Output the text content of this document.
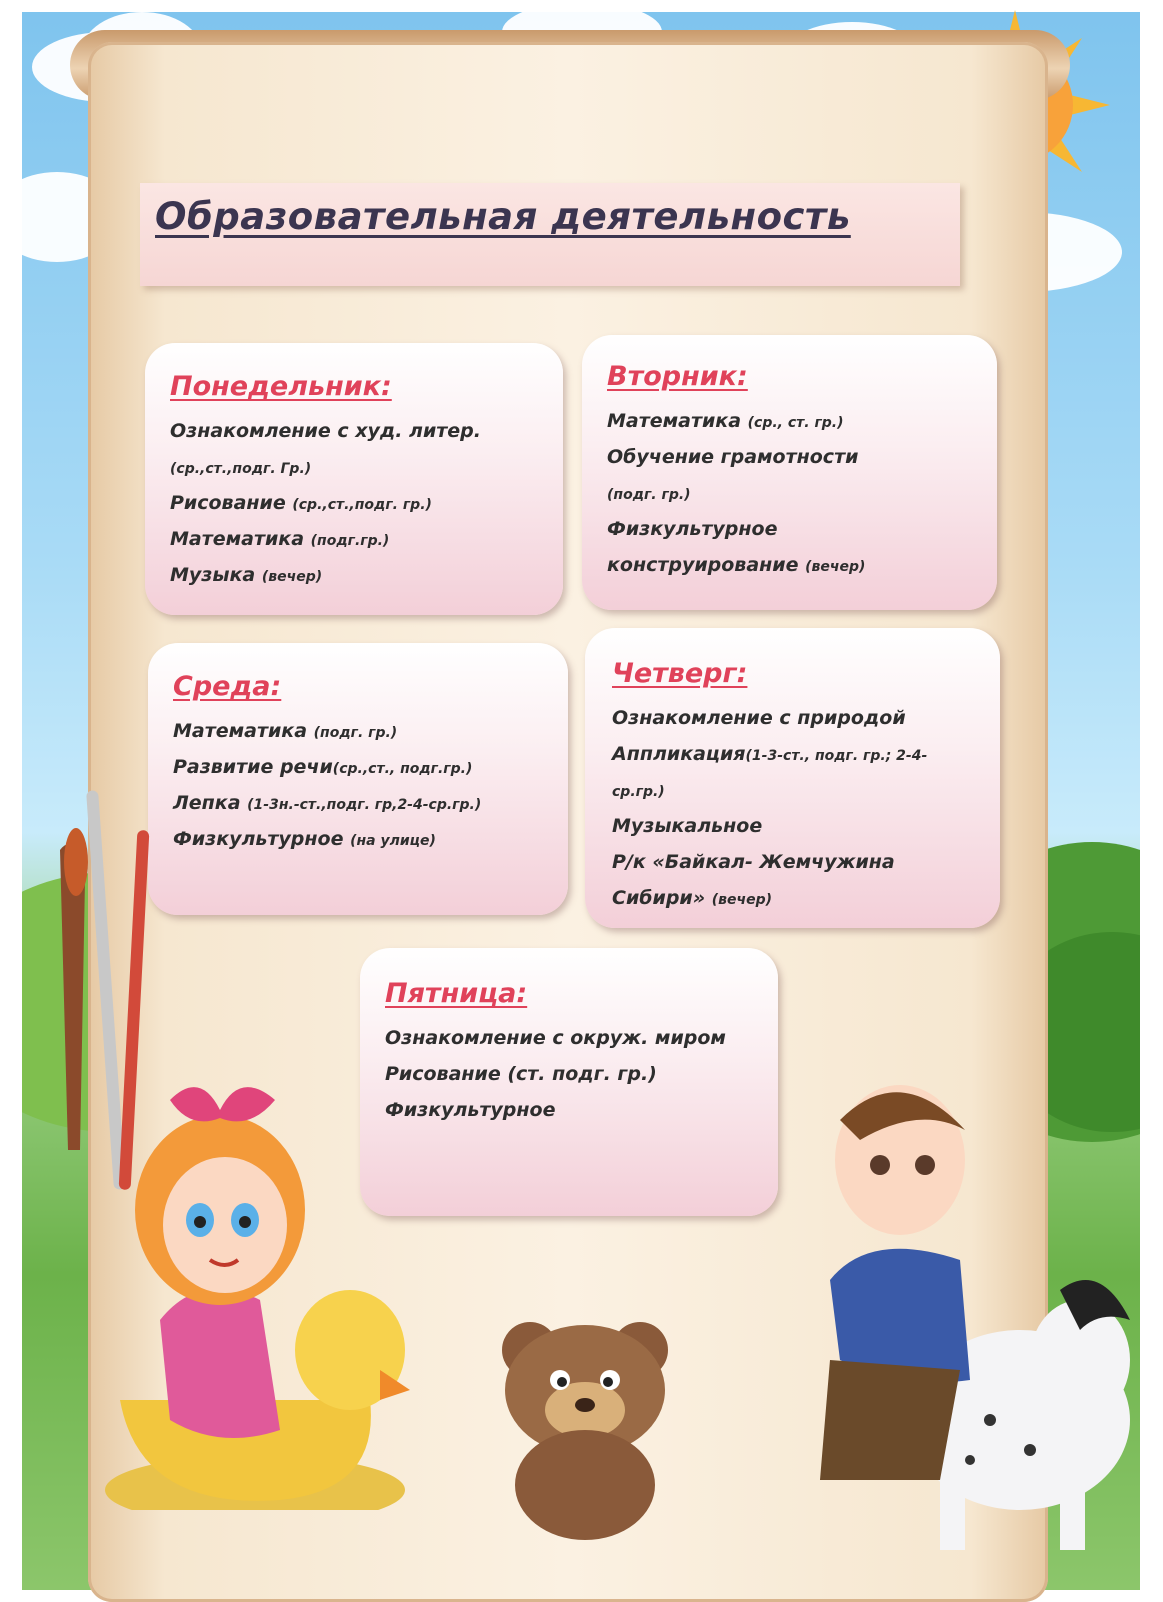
Образовательная деятельность
Понедельник:
Ознакомление с худ. литер.
(ср.,ст.,подг. Гр.)
Рисование (ср.,ст.,подг. гр.)
Математика (подг.гр.)
Музыка (вечер)
Вторник:
Математика (ср., ст. гр.)
Обучение грамотности
(подг. гр.)
Физкультурное
конструирование (вечер)
Среда:
Математика (подг. гр.)
Развитие речи(ср.,ст., подг.гр.)
Лепка (1-3н.-ст.,подг. гр,2-4-ср.гр.)
Физкультурное (на улице)
Четверг:
Ознакомление с природой
Аппликация(1-3-ст., подг. гр.; 2-4-
ср.гр.)
Музыкальное
Р/к «Байкал- Жемчужина
Сибири» (вечер)
Пятница:
Ознакомление с окруж. миром
Рисование (ст. подг. гр.)
Физкультурное
